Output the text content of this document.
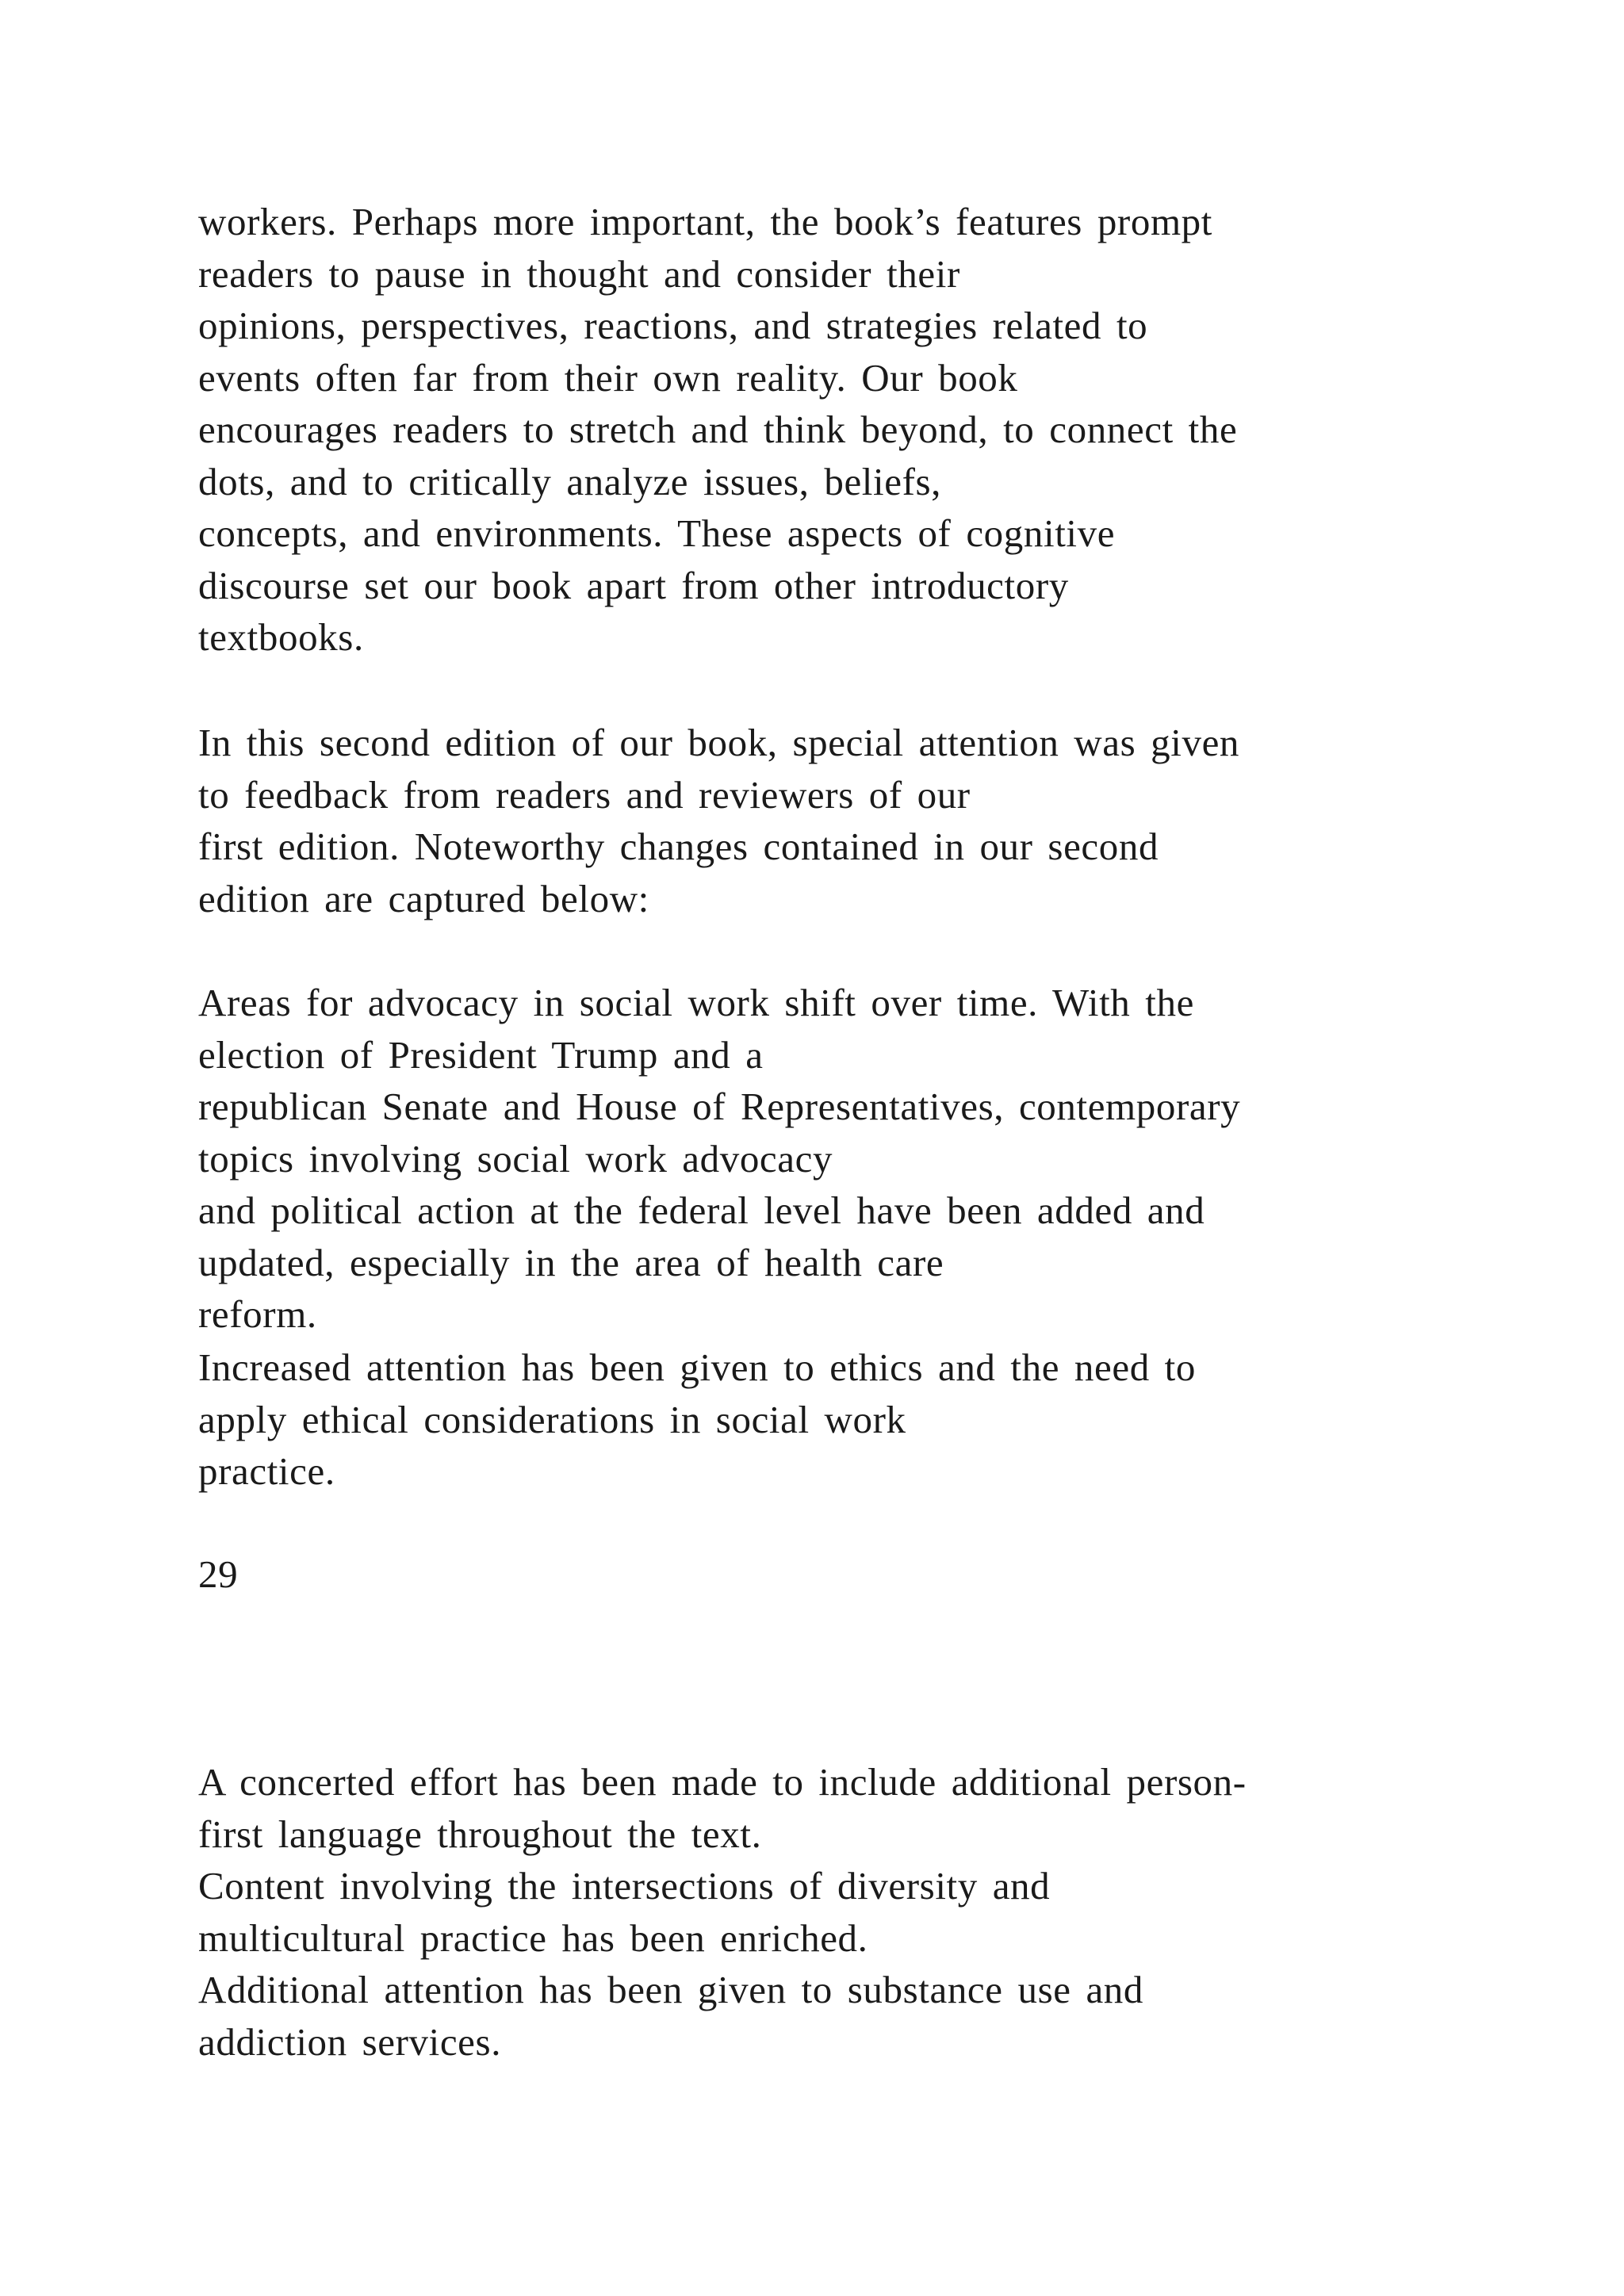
workers. Perhaps more important, the book’s features prompt
readers to pause in thought and consider their
opinions, perspectives, reactions, and strategies related to
events often far from their own reality. Our book
encourages readers to stretch and think beyond, to connect the
dots, and to critically analyze issues, beliefs,
concepts, and environments. These aspects of cognitive
discourse set our book apart from other introductory
textbooks.

In this second edition of our book, special attention was given
to feedback from readers and reviewers of our
first edition. Noteworthy changes contained in our second
edition are captured below:

Areas for advocacy in social work shift over time. With the
election of President Trump and a
republican Senate and House of Representatives, contemporary
topics involving social work advocacy
and political action at the federal level have been added and
updated, especially in the area of health care
reform.

Increased attention has been given to ethics and the need to
apply ethical considerations in social work
practice.

29

A concerted effort has been made to include additional person-
first language throughout the text.
Content involving the intersections of diversity and
multicultural practice has been enriched.
Additional attention has been given to substance use and
addiction services.
